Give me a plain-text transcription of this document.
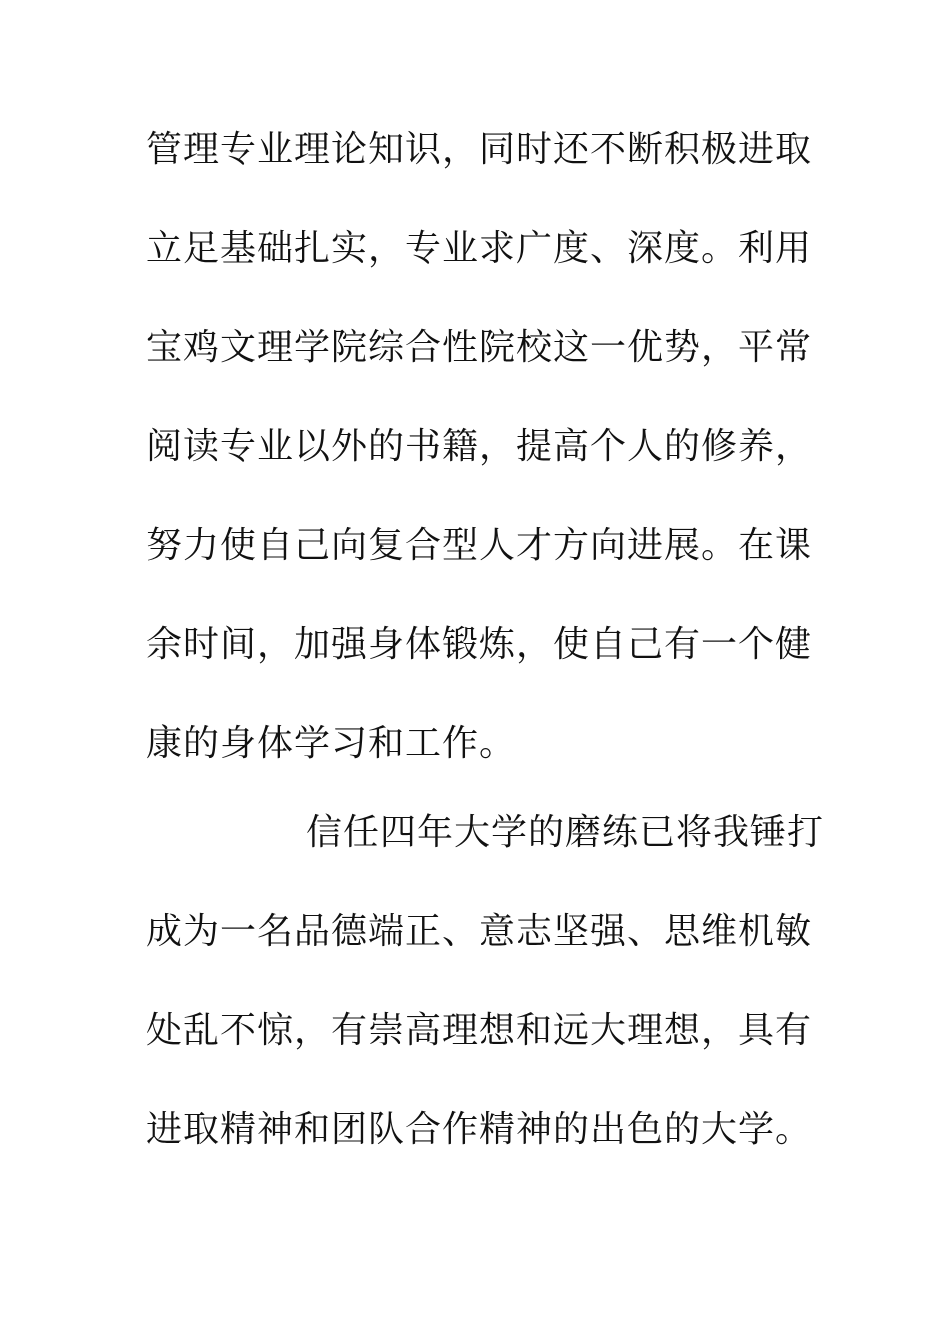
管理专业理论知识，同时还不断积极进取
立足基础扎实，专业求广度、深度。利用
宝鸡文理学院综合性院校这一优势，平常
阅读专业以外的书籍，提高个人的修养，
努力使自己向复合型人才方向进展。在课
余时间，加强身体锻炼，使自己有一个健
康的身体学习和工作。
信任四年大学的磨练已将我锤打
成为一名品德端正、意志坚强、思维机敏
处乱不惊，有崇高理想和远大理想，具有
进取精神和团队合作精神的出色的大学。
